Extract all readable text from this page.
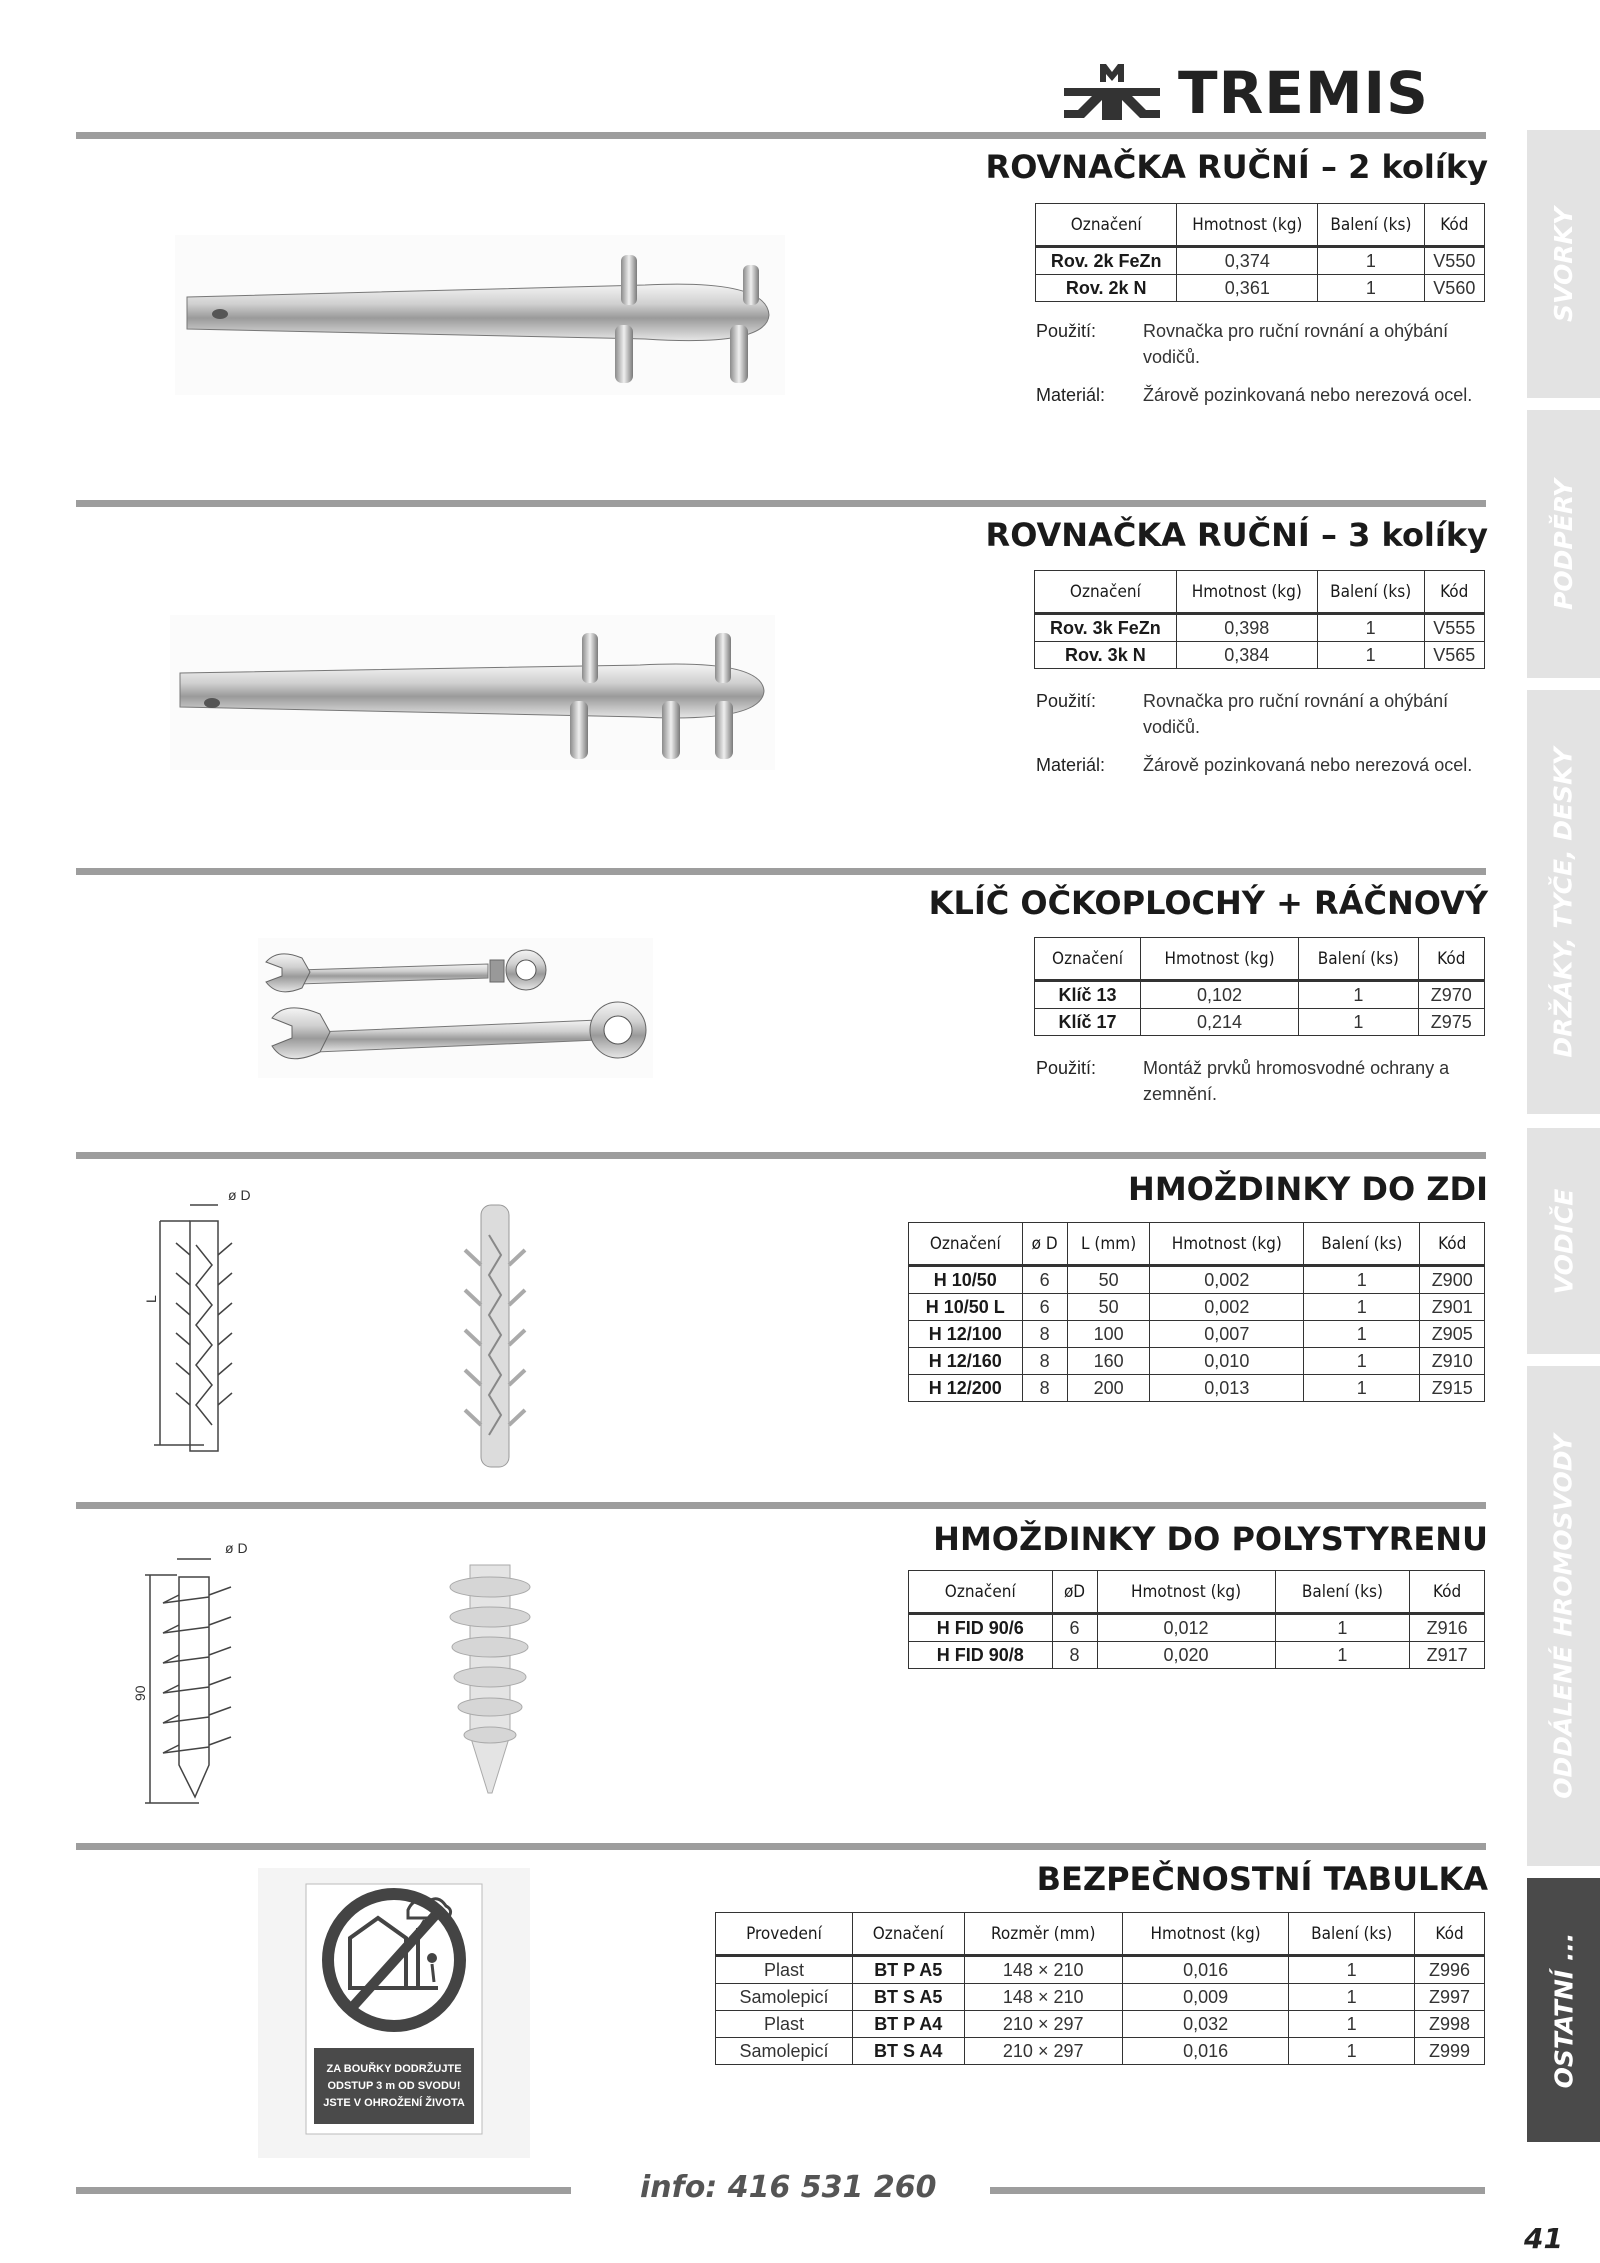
TREMIS
SVORKY
PODPĚRY
DRŽÁKY, TYČE, DESKY
VODIČE
ODDÁLENÉ HROMOSVODY
OSTATNÍ ...
ROVNAČKA RUČNÍ – 2 kolíky
Označení	Hmotnost (kg)	Balení (ks)	Kód
Rov. 2k FeZn	0,374	1	V550
Rov. 2k N	0,361	1	V560
Použití:	Rovnačka pro ruční rovnání a ohýbání vodičů.
Materiál:	Žárově pozinkovaná nebo nerezová ocel.
ROVNAČKA RUČNÍ – 3 kolíky
Označení	Hmotnost (kg)	Balení (ks)	Kód
Rov. 3k FeZn	0,398	1	V555
Rov. 3k N	0,384	1	V565
Použití:	Rovnačka pro ruční rovnání a ohýbání vodičů.
Materiál:	Žárově pozinkovaná nebo nerezová ocel.
KLÍČ OČKOPLOCHÝ + RÁČNOVÝ
Označení	Hmotnost (kg)	Balení (ks)	Kód
Klíč 13	0,102	1	Z970
Klíč 17	0,214	1	Z975
Použití:	Montáž prvků hromosvodné ochrany a zemnění.
HMOŽDINKY DO ZDI
ø D
L
Označení	ø D	L (mm)	Hmotnost (kg)	Balení (ks)	Kód
H 10/50	6	50	0,002	1	Z900
H 10/50 L	6	50	0,002	1	Z901
H 12/100	8	100	0,007	1	Z905
H 12/160	8	160	0,010	1	Z910
H 12/200	8	200	0,013	1	Z915
HMOŽDINKY DO POLYSTYRENU
ø D
90
Označení	øD	Hmotnost (kg)	Balení (ks)	Kód
H FID 90/6	6	0,012	1	Z916
H FID 90/8	8	0,020	1	Z917
BEZPEČNOSTNÍ TABULKA
ZA BOUŘKY DODRŽUJTE
ODSTUP 3 m OD SVODU!
JSTE V OHROŽENÍ ŽIVOTA
Provedení	Označení	Rozměr (mm)	Hmotnost (kg)	Balení (ks)	Kód
Plast	BT P A5	148 × 210	0,016	1	Z996
Samolepicí	BT S A5	148 × 210	0,009	1	Z997
Plast	BT P A4	210 × 297	0,032	1	Z998
Samolepicí	BT S A4	210 × 297	0,016	1	Z999
info: 416 531 260
41
